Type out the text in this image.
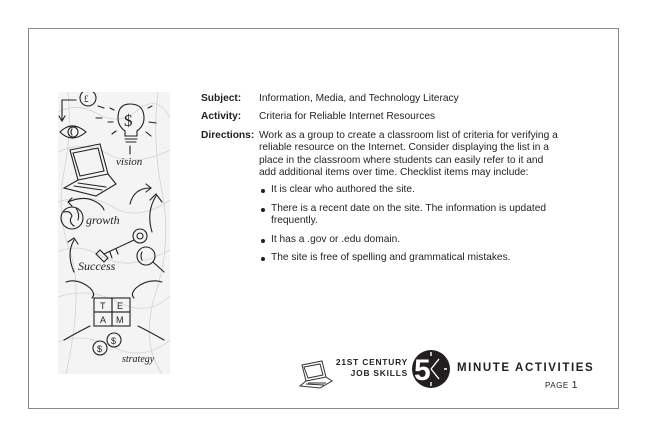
£
$
vision
growth
Success
T E
A M
$
$
strategy
Subject:	Information, Media, and Technology Literacy
Activity:	Criteria for Reliable Internet Resources
Directions: Work as a group to create a classroom list of criteria for verifying a reliable resource on the Internet. Consider displaying the list in a place in the classroom where students can easily refer to it and add additional items over time. Checklist items may include:

It is clear who authored the site.
There is a recent date on the site. The information is updated frequently.
It has a .gov or .edu domain.
The site is free of spelling and grammatical mistakes.
21ST CENTURY
JOB SKILLS 5 MINUTE ACTIVITIES
PAGE 1
